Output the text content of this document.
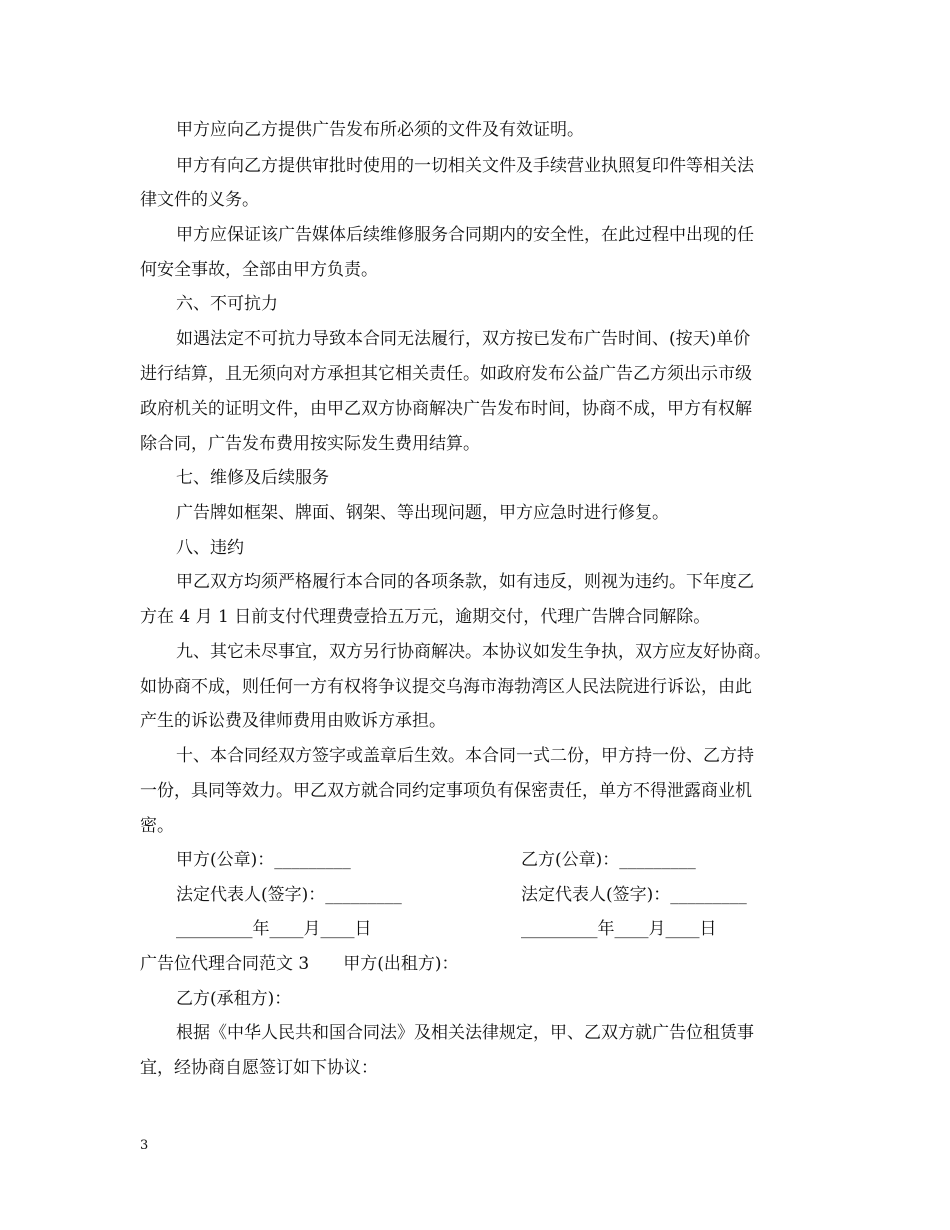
甲方应向乙方提供广告发布所必须的文件及有效证明。
甲方有向乙方提供审批时使用的一切相关文件及手续营业执照复印件等相关法
律文件的义务。
甲方应保证该广告媒体后续维修服务合同期内的安全性，在此过程中出现的任
何安全事故，全部由甲方负责。
六、不可抗力
如遇法定不可抗力导致本合同无法履行，双方按已发布广告时间、(按天)单价
进行结算，且无须向对方承担其它相关责任。如政府发布公益广告乙方须出示市级
政府机关的证明文件，由甲乙双方协商解决广告发布时间，协商不成，甲方有权解
除合同，广告发布费用按实际发生费用结算。
七、维修及后续服务
广告牌如框架、牌面、钢架、等出现问题，甲方应急时进行修复。
八、违约
甲乙双方均须严格履行本合同的各项条款，如有违反，则视为违约。下年度乙
方在 4 月 1 日前支付代理费壹拾五万元，逾期交付，代理广告牌合同解除。
九、其它未尽事宜，双方另行协商解决。本协议如发生争执，双方应友好协商。
如协商不成，则任何一方有权将争议提交乌海市海勃湾区人民法院进行诉讼，由此
产生的诉讼费及律师费用由败诉方承担。
十、本合同经双方签字或盖章后生效。本合同一式二份，甲方持一份、乙方持
一份，具同等效力。甲乙双方就合同约定事项负有保密责任，单方不得泄露商业机
密。
甲方(公章)：_________	乙方(公章)：_________
法定代表人(签字)：_________	法定代表人(签字)：_________
_________年____月____日	_________年____月____日
广告位代理合同范文 3　　甲方(出租方)：
乙方(承租方)：
根据《中华人民共和国合同法》及相关法律规定，甲、乙双方就广告位租赁事
宜，经协商自愿签订如下协议：
3
